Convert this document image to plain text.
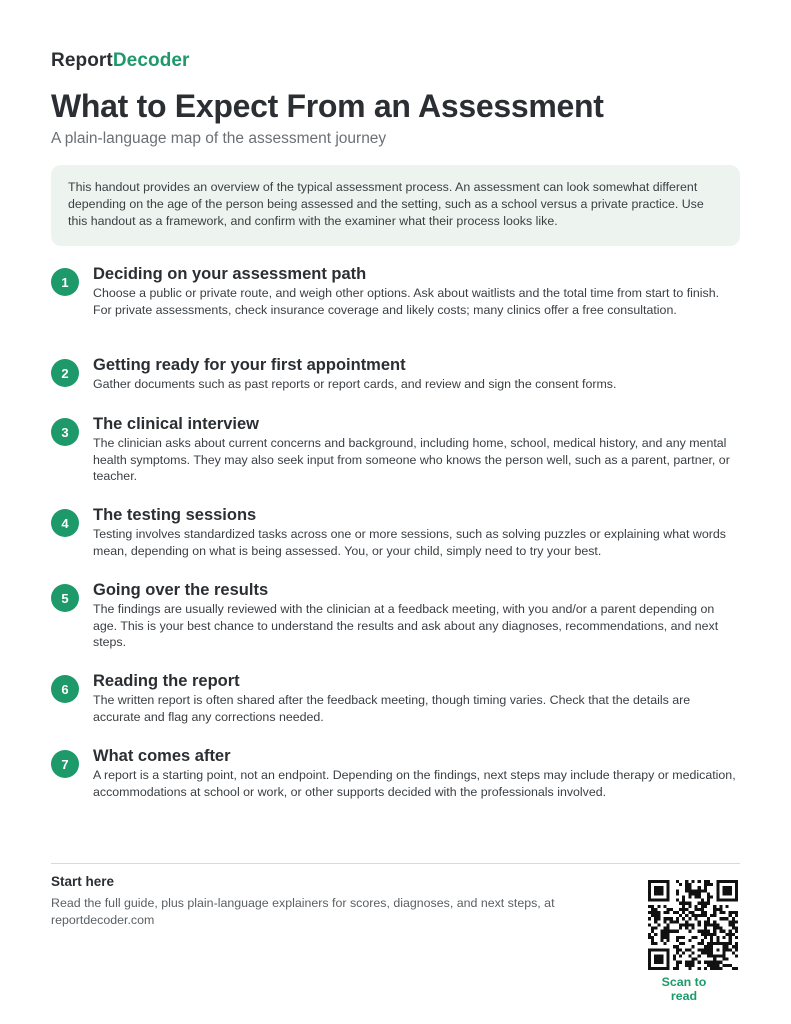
ReportDecoder
What to Expect From an Assessment
A plain-language map of the assessment journey
This handout provides an overview of the typical assessment process. An assessment can look somewhat different depending on the age of the person being assessed and the setting, such as a school versus a private practice. Use this handout as a framework, and confirm with the examiner what their process looks like.
1	Deciding on your assessment path
Choose a public or private route, and weigh other options. Ask about waitlists and the total time from start to finish. For private assessments, check insurance coverage and likely costs; many clinics offer a free consultation.
2	Getting ready for your first appointment
Gather documents such as past reports or report cards, and review and sign the consent forms.
3	The clinical interview
The clinician asks about current concerns and background, including home, school, medical history, and any mental health symptoms. They may also seek input from someone who knows the person well, such as a parent, partner, or teacher.
4	The testing sessions
Testing involves standardized tasks across one or more sessions, such as solving puzzles or explaining what words mean, depending on what is being assessed. You, or your child, simply need to try your best.
5	Going over the results
The findings are usually reviewed with the clinician at a feedback meeting, with you and/or a parent depending on age. This is your best chance to understand the results and ask about any diagnoses, recommendations, and next steps.
6	Reading the report
The written report is often shared after the feedback meeting, though timing varies. Check that the details are accurate and flag any corrections needed.
7	What comes after
A report is a starting point, not an endpoint. Depending on the findings, next steps may include therapy or medication, accommodations at school or work, or other supports decided with the professionals involved.
Start here
Read the full guide, plus plain-language explainers for scores, diagnoses, and next steps, at reportdecoder.com
Scan to read
